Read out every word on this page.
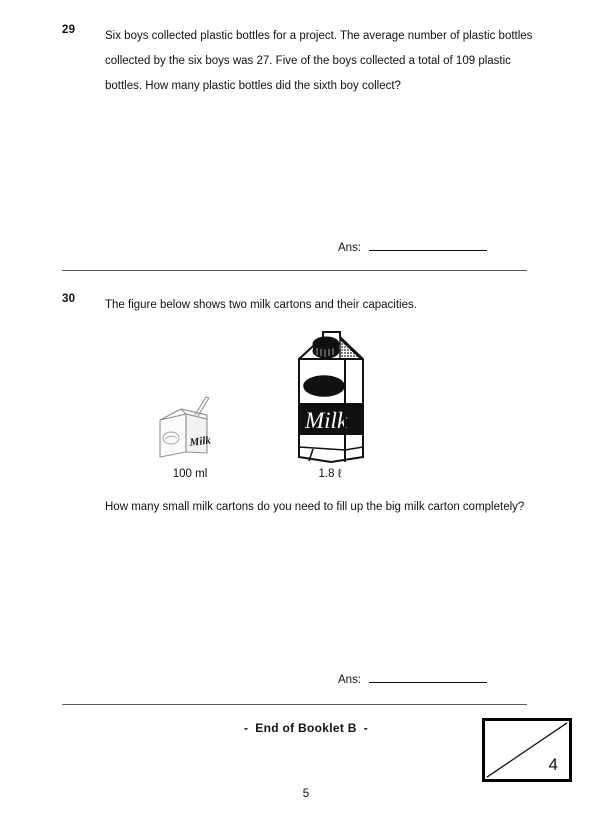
29	Six boys collected plastic bottles for a project. The average number of plastic bottles collected by the six boys was 27. Five of the boys collected a total of 109 plastic bottles. How many plastic bottles did the sixth boy collect?
Ans:
30	The figure below shows two milk cartons and their capacities.
Milk
100 ml
Milk
1.8 ℓ
How many small milk cartons do you need to fill up the big milk carton completely?
Ans:
- End of Booklet B -
4
5
